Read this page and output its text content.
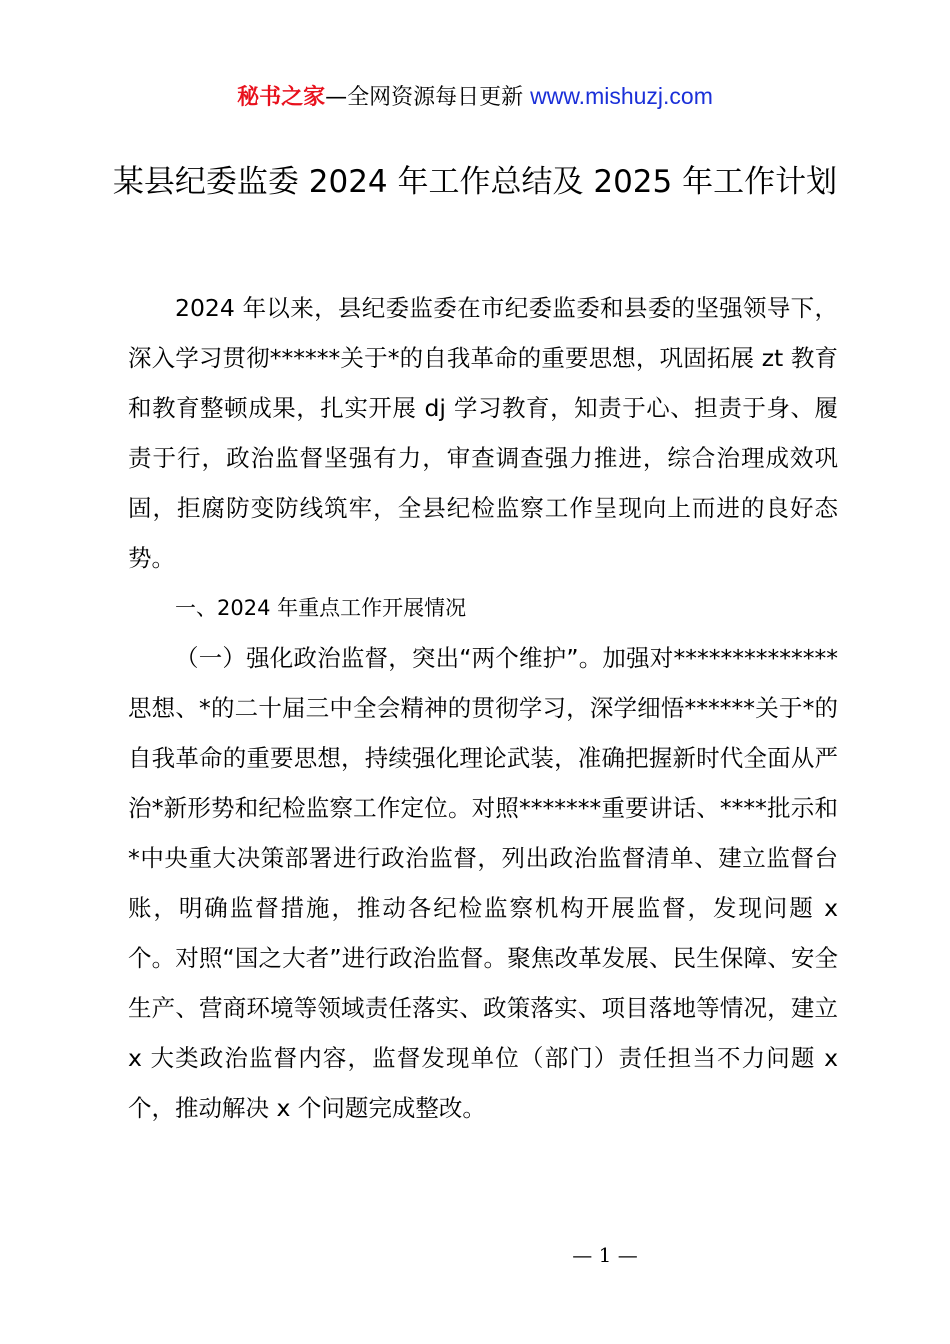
秘书之家—全网资源每日更新 www.mishuzj.com
某县纪委监委 2024 年工作总结及 2025 年工作计划

2024 年以来，县纪委监委在市纪委监委和县委的坚强领导下，深入学习贯彻******关于*的自我革命的重要思想，巩固拓展 zt 教育和教育整顿成果，扎实开展 dj 学习教育，知责于心、担责于身、履责于行，政治监督坚强有力，审查调查强力推进，综合治理成效巩固，拒腐防变防线筑牢，全县纪检监察工作呈现向上而进的良好态势。

一、2024 年重点工作开展情况

（一）强化政治监督，突出“两个维护”。加强对**************思想、*的二十届三中全会精神的贯彻学习，深学细悟******关于*的自我革命的重要思想，持续强化理论武装，准确把握新时代全面从严治*新形势和纪检监察工作定位。对照*******重要讲话、****批示和*中央重大决策部署进行政治监督，列出政治监督清单、建立监督台账，明确监督措施，推动各纪检监察机构开展监督，发现问题 x 个。对照“国之大者”进行政治监督。聚焦改革发展、民生保障、安全生产、营商环境等领域责任落实、政策落实、项目落地等情况，建立 x 大类政治监督内容，监督发现单位（部门）责任担当不力问题 x 个，推动解决 x 个问题完成整改。

— 1 —
